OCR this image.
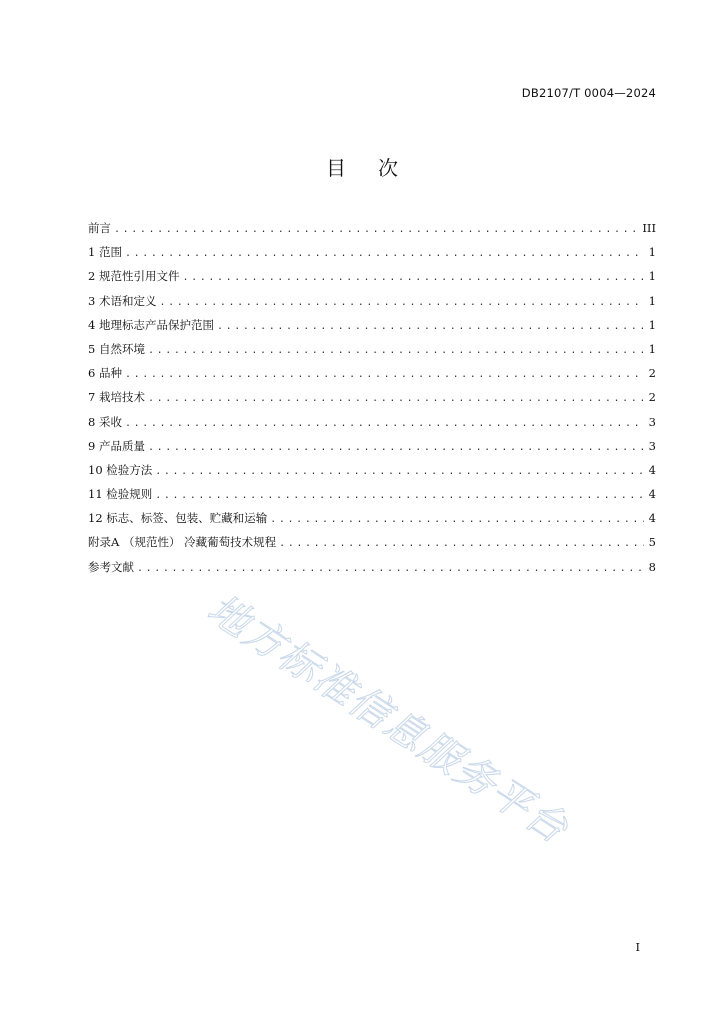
DB2107/T 0004—2024
目次
前言 .....	III
1 范围 .....	1
2 规范性引用文件 .....	1
3 术语和定义 .....	1
4 地理标志产品保护范围 .....	1
5 自然环境 .....	1
6 品种 .....	2
7 栽培技术 .....	2
8 采收 .....	3
9 产品质量 .....	3
10 检验方法 .....	4
11 检验规则 .....	4
12 标志、标签、包装、贮藏和运输 .....	4
附录A （规范性） 冷藏葡萄技术规程 .....	5
参考文献 .....	8
地方标准信息服务平台
I
